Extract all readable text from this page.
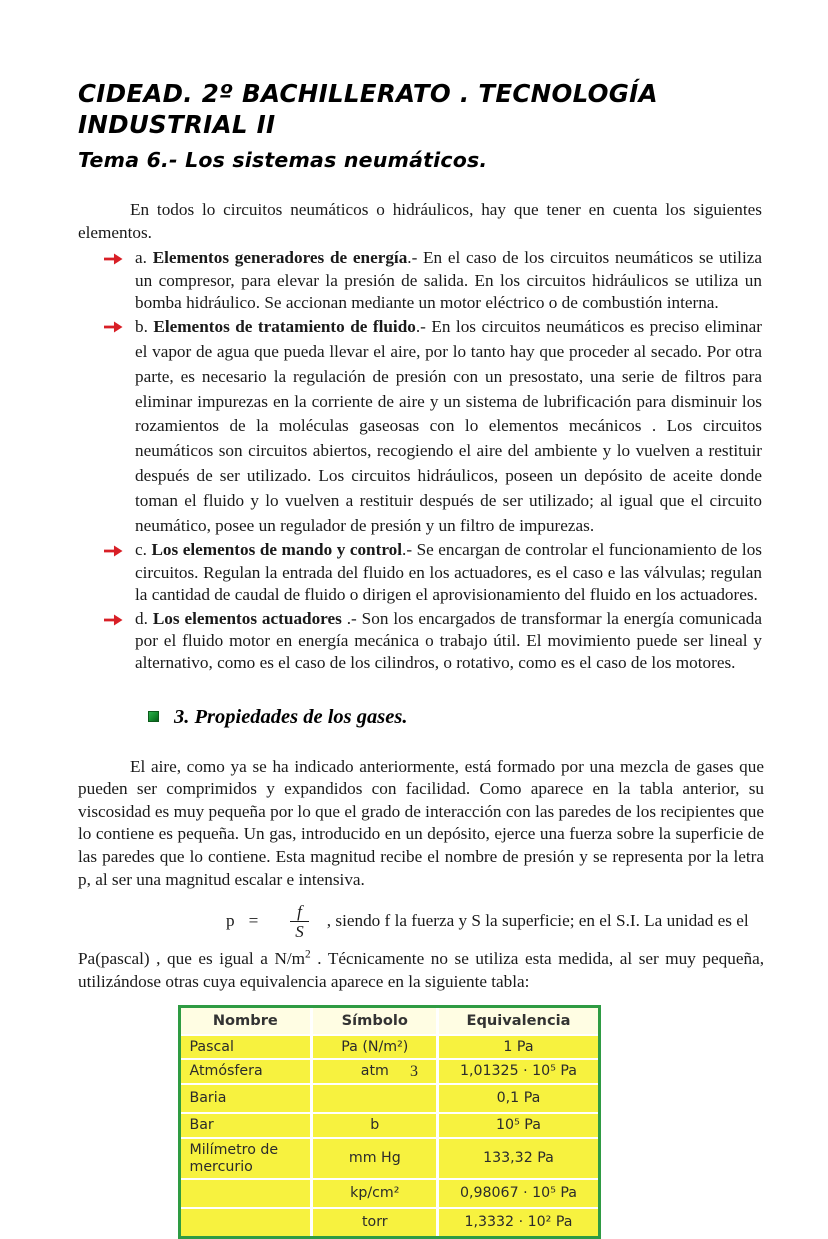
CIDEAD. 2º BACHILLERATO . TECNOLOGÍA INDUSTRIAL II
Tema 6.- Los sistemas neumáticos.

En todos lo circuitos neumáticos o hidráulicos, hay que tener en cuenta los siguientes elementos.

a. Elementos generadores de energía.- En el caso de los circuitos neumáticos se utiliza un compresor, para elevar la presión de salida. En los circuitos hidráulicos se utiliza un bomba hidráulico. Se accionan mediante un motor eléctrico o de combustión interna.
b. Elementos de tratamiento de fluido.- En los circuitos neumáticos es preciso eliminar el vapor de agua que pueda llevar el aire, por lo tanto hay que proceder al secado. Por otra parte, es necesario la regulación de presión con un presostato, una serie de filtros para eliminar impurezas en la corriente de aire y un sistema de lubrificación para disminuir los rozamientos de la moléculas gaseosas con lo elementos mecánicos . Los circuitos neumáticos son circuitos abiertos, recogiendo el aire del ambiente y lo vuelven a restituir después de ser utilizado. Los circuitos hidráulicos, poseen un depósito de aceite donde toman el fluido y lo vuelven a restituir después de ser utilizado; al igual que el circuito neumático, posee un regulador de presión y un filtro de impurezas.
c. Los elementos de mando y control.- Se encargan de controlar el funcionamiento de los circuitos. Regulan la entrada del fluido en los actuadores, es el caso e las válvulas; regulan la cantidad de caudal de fluido o dirigen el aprovisionamiento del fluido en los actuadores.
d. Los elementos actuadores .- Son los encargados de transformar la energía comunicada por el fluido motor en energía mecánica o trabajo útil. El movimiento puede ser lineal y alternativo, como es el caso de los cilindros, o rotativo, como es el caso de los motores.
3. Propiedades de los gases.

El aire, como ya se ha indicado anteriormente, está formado por una mezcla de gases que pueden ser comprimidos y expandidos con facilidad. Como aparece en la tabla anterior, su viscosidad es muy pequeña por lo que el grado de interacción con las paredes de los recipientes que lo contiene es pequeña. Un gas, introducido en un depósito, ejerce una fuerza sobre la superficie de las paredes que lo contiene. Esta magnitud recibe el nombre de presión y se representa por la letra p, al ser una magnitud escalar e intensiva.

$p = \frac{f}{S}$ , siendo f la fuerza y S la superficie; en el S.I. La unidad es el

Pa(pascal) , que es igual a $N/m^2$ . Técnicamente no se utiliza esta medida, al ser muy pequeña, utilizándose otras cuya equivalencia aparece en la siguiente tabla:

Nombre	Símbolo	Equivalencia
Pascal	Pa (N/m²)	1 Pa
Atmósfera	atm	1,01325 · 10⁵ Pa
Baria		0,1 Pa
Bar	b	10⁵ Pa
Milímetro de mercurio	mm Hg	133,32 Pa
	kp/cm²	0,98067 · 10⁵ Pa
	torr	1,3332 · 10² Pa
3
